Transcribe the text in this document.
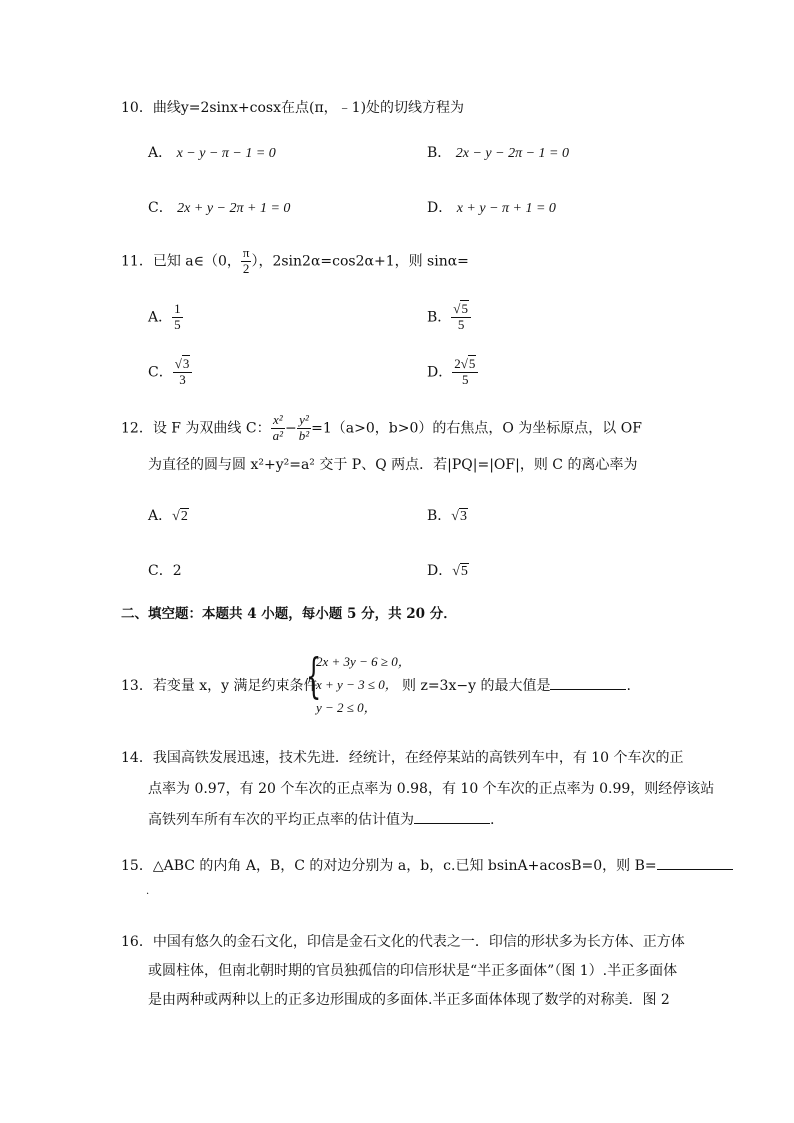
10．曲线y=2sinx+cosx在点(π，﹣1)处的切线方程为
A． x − y − π − 1 = 0	B． 2x − y − 2π − 1 = 0
C． 2x + y − 2π + 1 = 0	D． x + y − π + 1 = 0
11．已知 a∈（0， $\frac{\pi}{2}$ ），2sin2α=cos2α+1，则 sinα=
A． $\frac{1}{5}$	B． $\frac{√5}{5}$
C． $\frac{√3}{3}$	D． $\frac{2√5}{5}$
12．设 F 为双曲线 C： $\frac{\text{x²}}{\text{a²}} - \frac{\text{y²}}{\text{b²}} =1(a>0$，b>0）的右焦点，O 为坐标原点，以 OF
为直径的圆与圆 x²+y²=a² 交于 P、Q 两点．若|PQ|=|OF|，则 C 的离心率为
A．√2	B．√3
C．2	D．√5
二、填空题：本题共 4 小题，每小题 5 分，共 20 分．
13．若变量 x，y 满足约束条件
{
2x + 3y − 6 ≥ 0，
x + y − 3 ≤ 0，
y − 2 ≤ 0，
则 z=3x−y 的最大值是	.
14．我国高铁发展迅速，技术先进．经统计，在经停某站的高铁列车中，有 10 个车次的正
点率为 0.97，有 20 个车次的正点率为 0.98，有 10 个车次的正点率为 0.99，则经停该站
高铁列车所有车次的平均正点率的估计值为	.
15．△ABC 的内角 A，B，C 的对边分别为 a，b，c.已知 bsinA+acosB=0，则 B=
.
16．中国有悠久的金石文化，印信是金石文化的代表之一．印信的形状多为长方体、正方体
或圆柱体，但南北朝时期的官员独孤信的印信形状是“半正多面体”（图 1）.半正多面体
是由两种或两种以上的正多边形围成的多面体.半正多面体体现了数学的对称美．图 2
